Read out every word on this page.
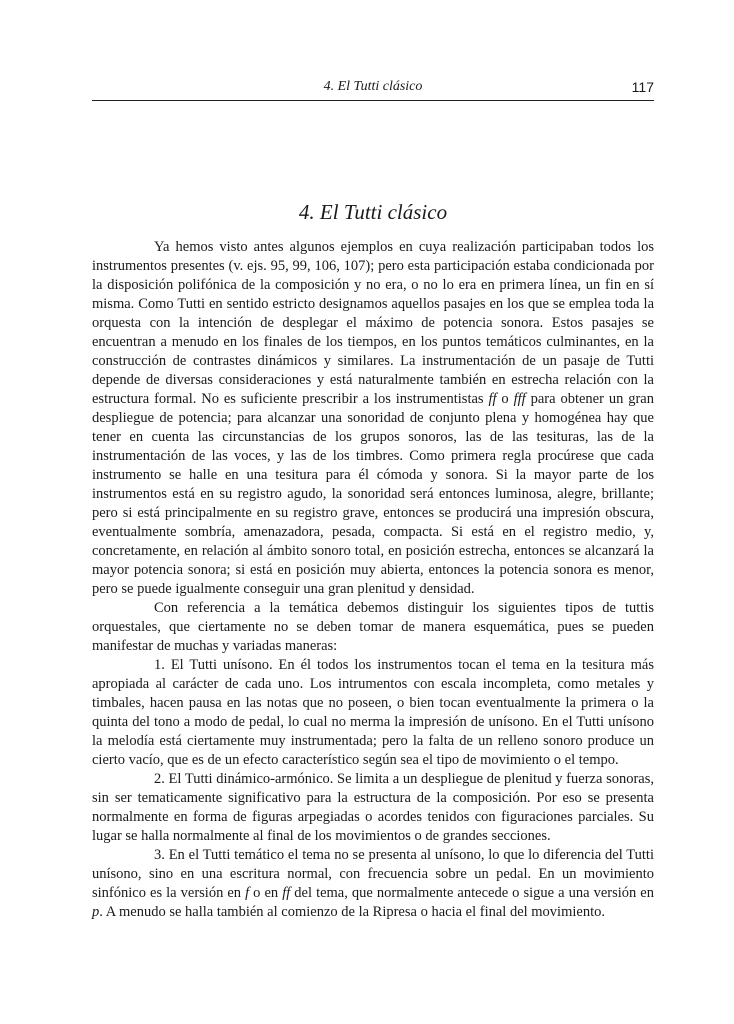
4. El Tutti clásico	117
4. El Tutti clásico

Ya hemos visto antes algunos ejemplos en cuya realización participaban todos los instrumentos presentes (v. ejs. 95, 99, 106, 107); pero esta participación estaba condicionada por la disposición polifónica de la composición y no era, o no lo era en primera línea, un fin en sí misma. Como Tutti en sentido estricto designamos aquellos pasajes en los que se emplea toda la orquesta con la intención de desplegar el máximo de potencia sonora. Estos pasajes se encuentran a menudo en los finales de los tiempos, en los puntos temáticos culminantes, en la construcción de contrastes dinámicos y similares. La instrumentación de un pasaje de Tutti depende de diversas consideraciones y está naturalmente también en estrecha relación con la estructura formal. No es suficiente prescribir a los instrumentistas ff o fff para obtener un gran despliegue de potencia; para alcanzar una sonoridad de conjunto plena y homogénea hay que tener en cuenta las circunstancias de los grupos sonoros, las de las tesituras, las de la instrumentación de las voces, y las de los timbres. Como primera regla procúrese que cada instrumento se halle en una tesitura para él cómoda y sonora. Si la mayor parte de los instrumentos está en su registro agudo, la sonoridad será entonces luminosa, alegre, brillante; pero si está principalmente en su registro grave, entonces se producirá una impresión obscura, eventualmente sombría, amenazadora, pesada, compacta. Si está en el registro medio, y, concretamente, en relación al ámbito sonoro total, en posición estrecha, entonces se alcanzará la mayor potencia sonora; si está en posición muy abierta, entonces la potencia sonora es menor, pero se puede igualmente conseguir una gran plenitud y densidad.

Con referencia a la temática debemos distinguir los siguientes tipos de tuttis orquestales, que ciertamente no se deben tomar de manera esquemática, pues se pueden manifestar de muchas y variadas maneras:

1. El Tutti unísono. En él todos los instrumentos tocan el tema en la tesitura más apropiada al carácter de cada uno. Los intrumentos con escala incompleta, como metales y timbales, hacen pausa en las notas que no poseen, o bien tocan eventualmente la primera o la quinta del tono a modo de pedal, lo cual no merma la impresión de unísono. En el Tutti unísono la melodía está ciertamente muy instrumentada; pero la falta de un relleno sonoro produce un cierto vacío, que es de un efecto característico según sea el tipo de movimiento o el tempo.

2. El Tutti dinámico-armónico. Se limita a un despliegue de plenitud y fuerza sonoras, sin ser tematicamente significativo para la estructura de la composición. Por eso se presenta normalmente en forma de figuras arpegiadas o acordes tenidos con figuraciones parciales. Su lugar se halla normalmente al final de los movimientos o de grandes secciones.

3. En el Tutti temático el tema no se presenta al unísono, lo que lo diferencia del Tutti unísono, sino en una escritura normal, con frecuencia sobre un pedal. En un movimiento sinfónico es la versión en f o en ff del tema, que normalmente antecede o sigue a una versión en p. A menudo se halla también al comienzo de la Ripresa o hacia el final del movimiento.
